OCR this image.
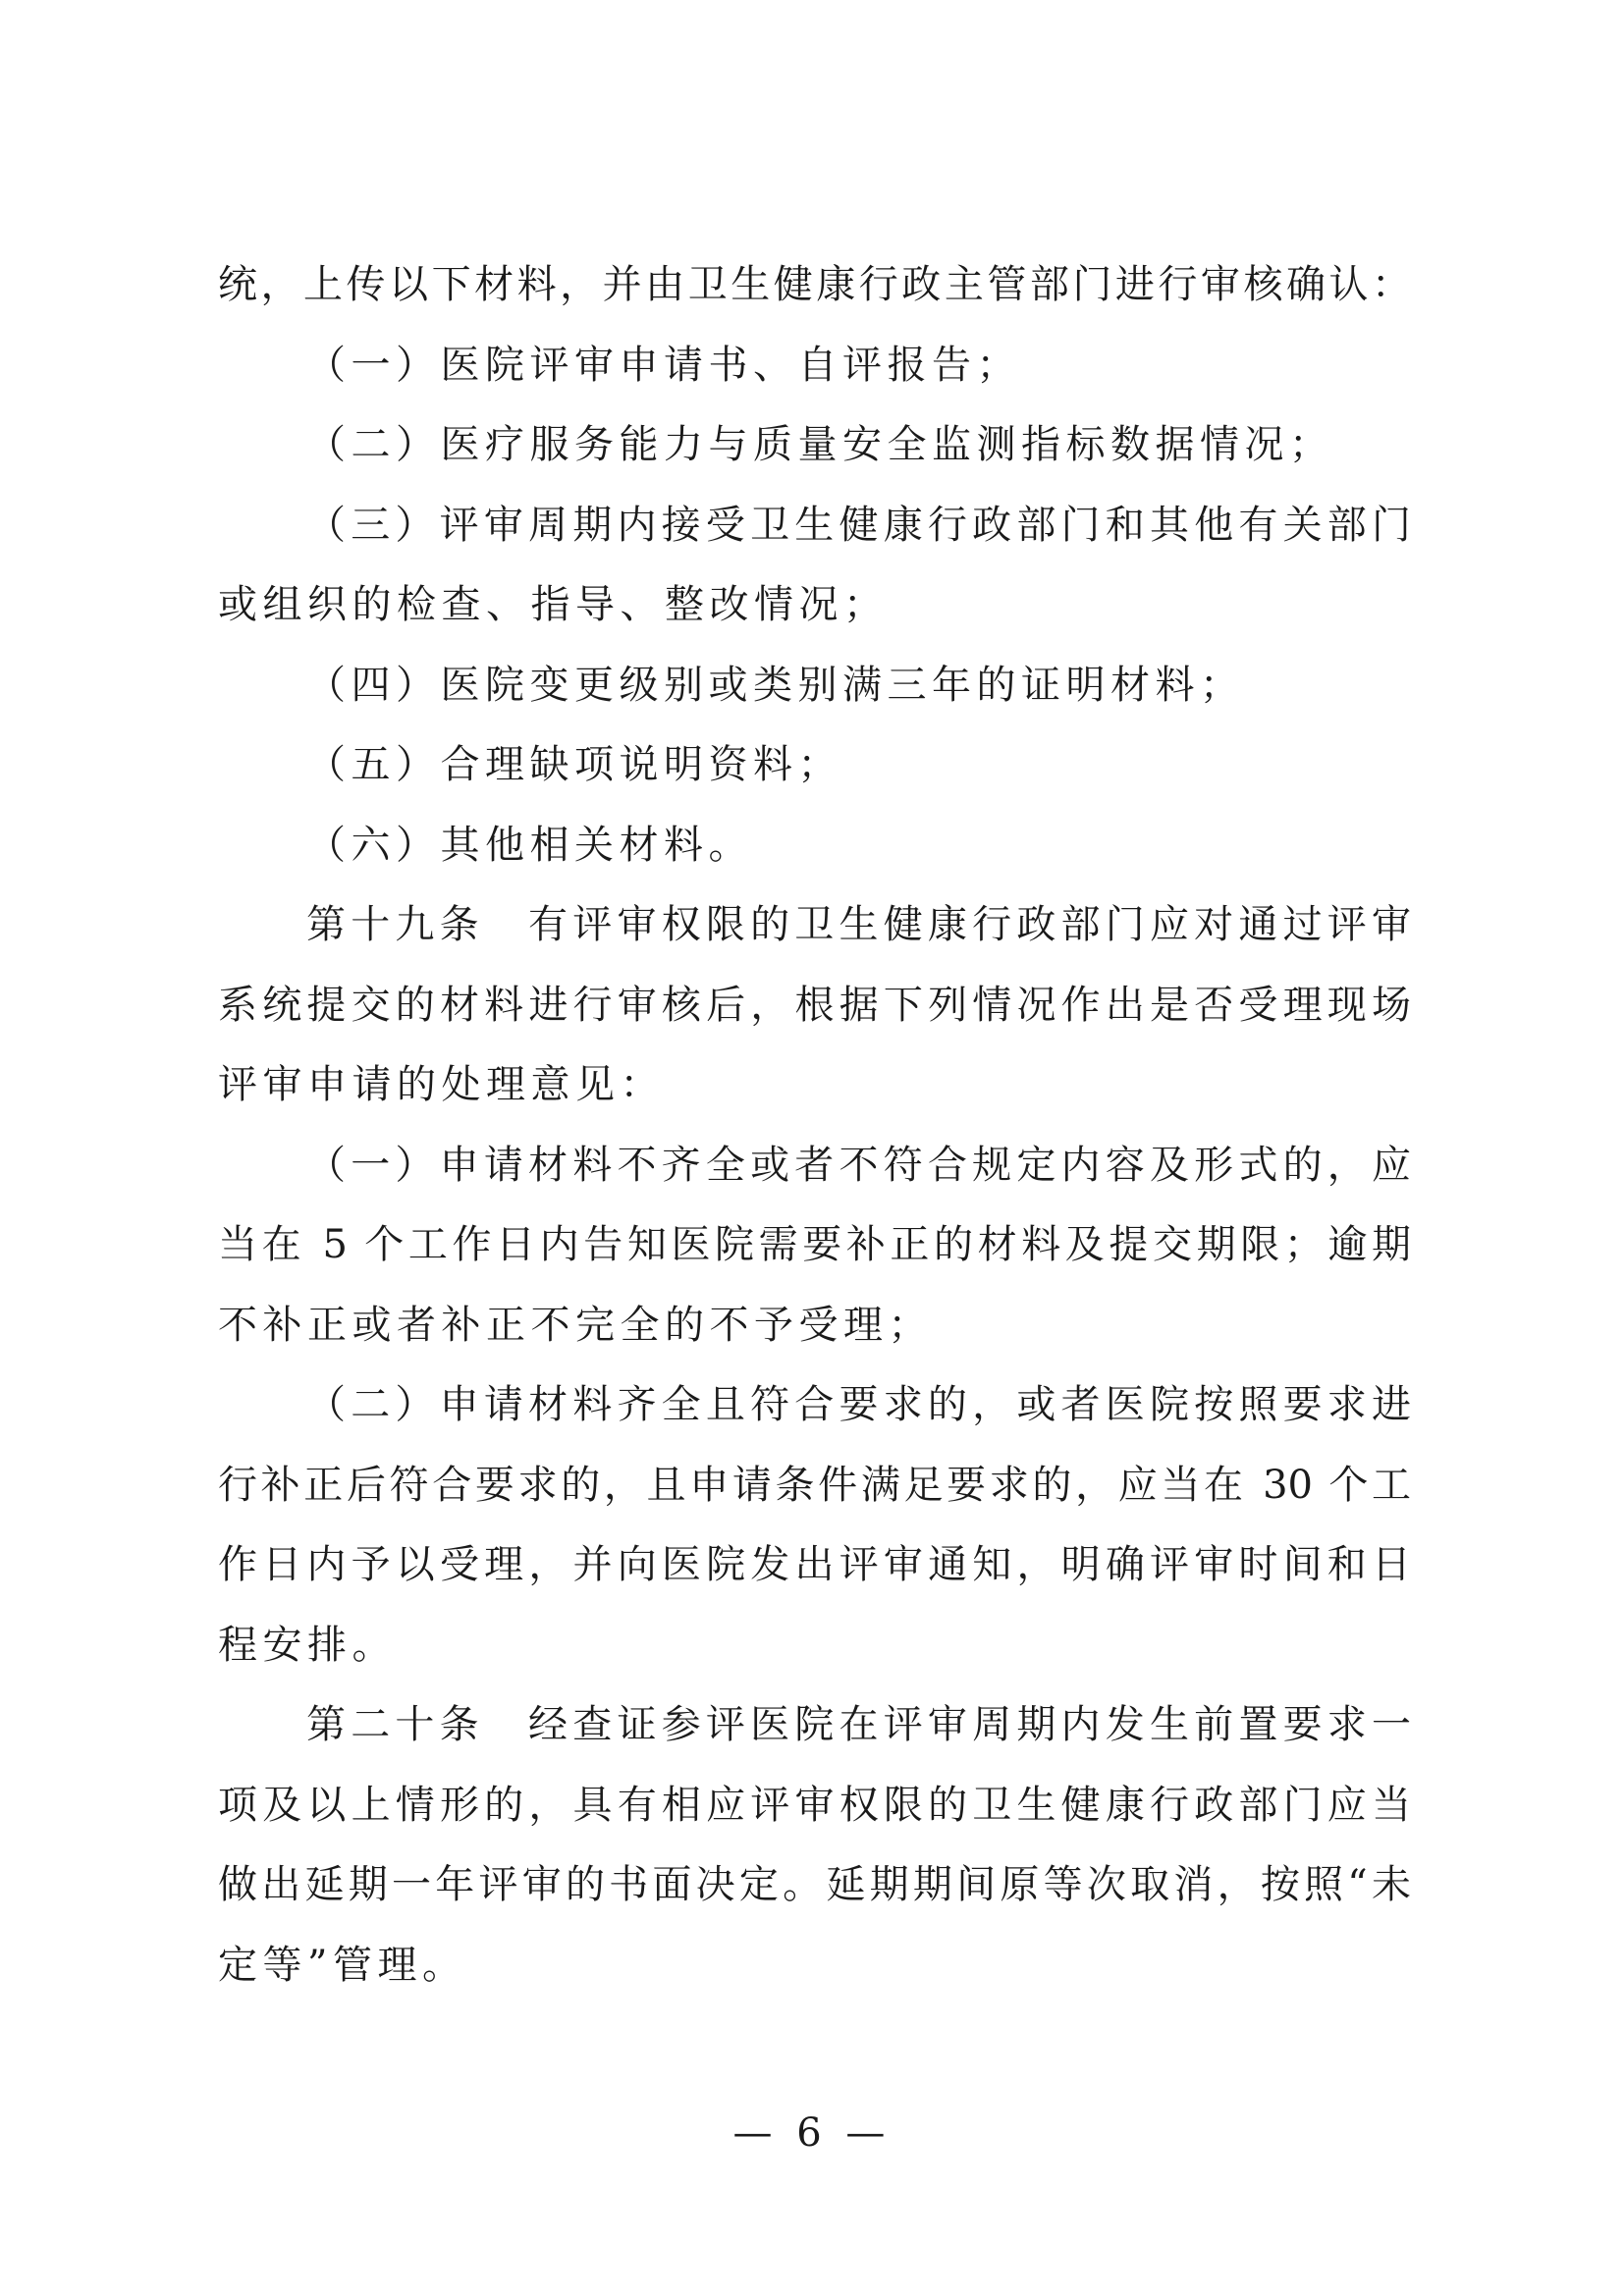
统，上传以下材料，并由卫生健康行政主管部门进行审核确认：
（一）医院评审申请书、自评报告；
（二）医疗服务能力与质量安全监测指标数据情况；
（三）评审周期内接受卫生健康行政部门和其他有关部门
或组织的检查、指导、整改情况；
（四）医院变更级别或类别满三年的证明材料；
（五）合理缺项说明资料；
（六）其他相关材料。
第十九条　有评审权限的卫生健康行政部门应对通过评审
系统提交的材料进行审核后，根据下列情况作出是否受理现场
评审申请的处理意见：
（一）申请材料不齐全或者不符合规定内容及形式的，应
当在 5 个工作日内告知医院需要补正的材料及提交期限；逾期
不补正或者补正不完全的不予受理；
（二）申请材料齐全且符合要求的，或者医院按照要求进
行补正后符合要求的，且申请条件满足要求的，应当在 30 个工
作日内予以受理，并向医院发出评审通知，明确评审时间和日
程安排。
第二十条　经查证参评医院在评审周期内发生前置要求一
项及以上情形的，具有相应评审权限的卫生健康行政部门应当
做出延期一年评审的书面决定。延期期间原等次取消，按照“未
定等”管理。
— 6 —
